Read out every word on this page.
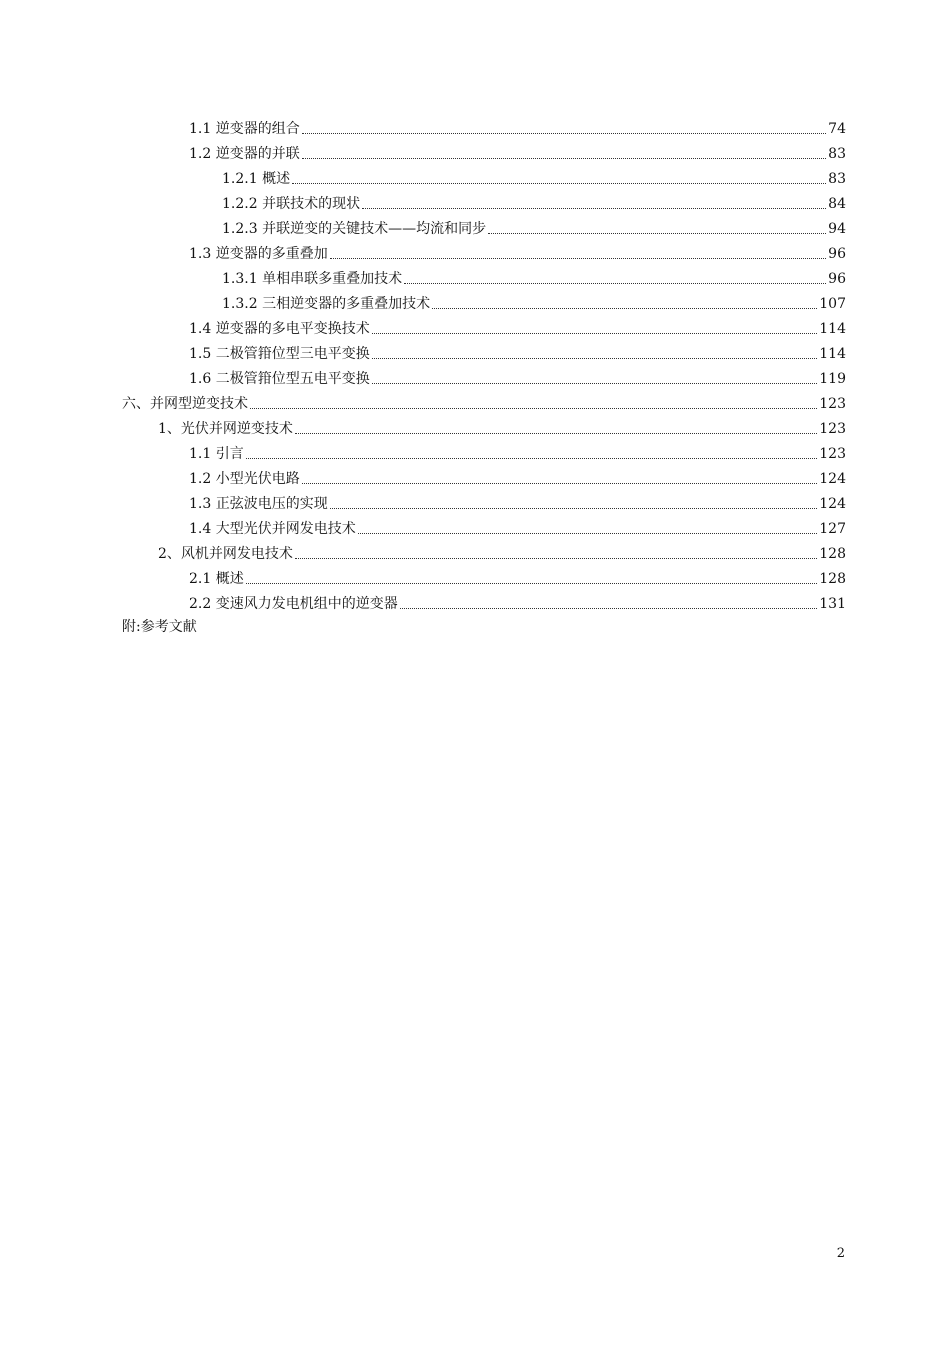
1.1 逆变器的组合	74
1.2 逆变器的并联	83
1.2.1 概述	83
1.2.2 并联技术的现状	84
1.2.3 并联逆变的关键技术——均流和同步	94
1.3 逆变器的多重叠加	96
1.3.1 单相串联多重叠加技术	96
1.3.2 三相逆变器的多重叠加技术	107
1.4 逆变器的多电平变换技术	114
1.5 二极管箝位型三电平变换	114
1.6 二极管箝位型五电平变换	119
六、并网型逆变技术	123
1、光伏并网逆变技术	123
1.1 引言	123
1.2 小型光伏电路	124
1.3 正弦波电压的实现	124
1.4 大型光伏并网发电技术	127
2、风机并网发电技术	128
2.1 概述	128
2.2 变速风力发电机组中的逆变器	131
附:参考文献
2
